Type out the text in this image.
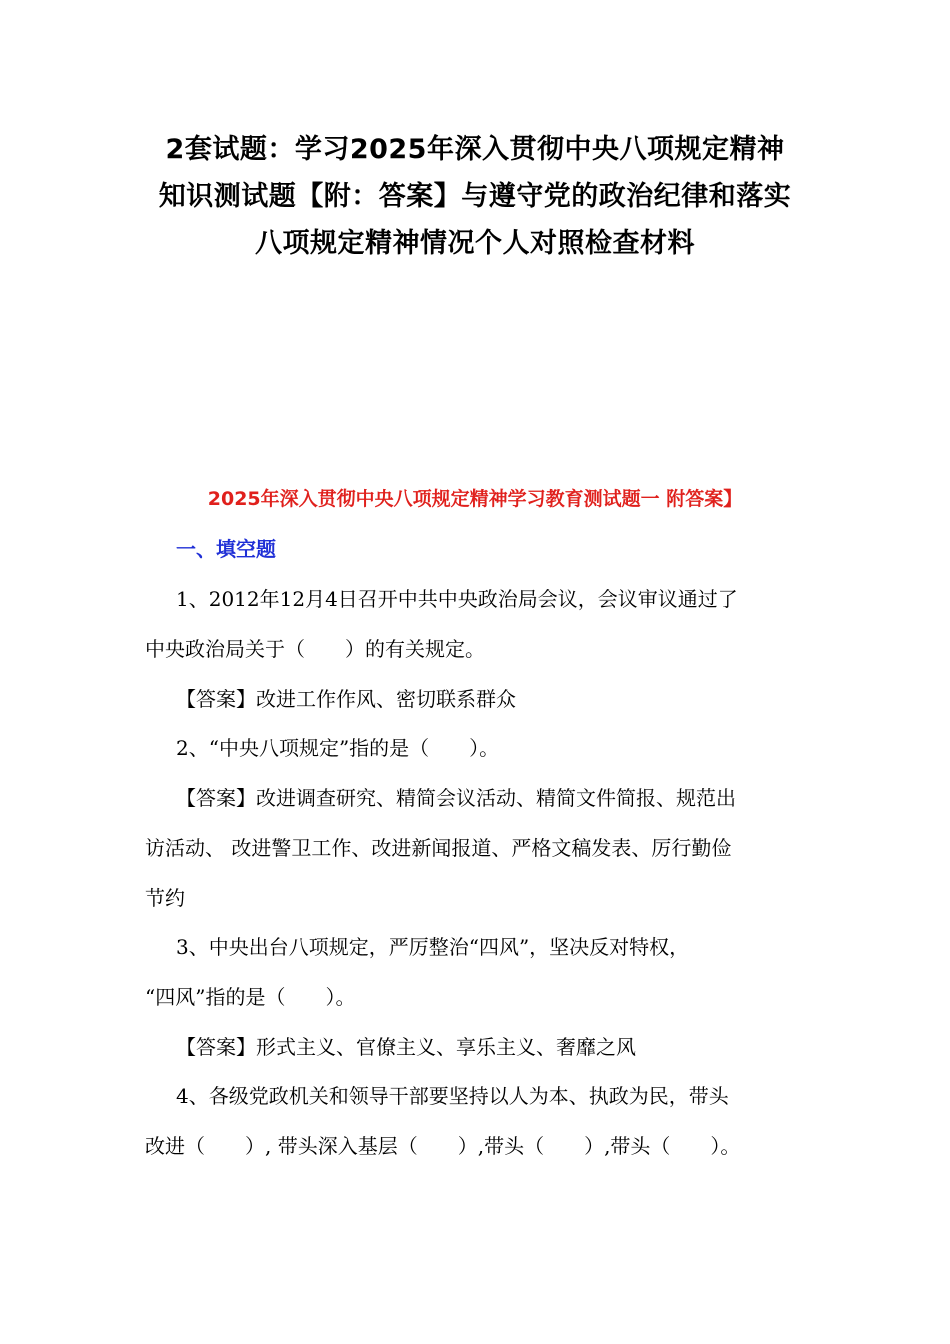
2套试题：学习2025年深入贯彻中央八项规定精神
知识测试题【附：答案】与遵守党的政治纪律和落实
八项规定精神情况个人对照检查材料
2025年深入贯彻中央八项规定精神学习教育测试题一 附答案】
一、填空题
1、2012年12月4日召开中共中央政治局会议，会议审议通过了
中央政治局关于（　　）的有关规定。
【答案】改进工作作风、密切联系群众
2、“中央八项规定”指的是（　　）。
【答案】改进调查研究、精简会议活动、精简文件简报、规范出
访活动、 改进警卫工作、改进新闻报道、严格文稿发表、厉行勤俭
节约
3、中央出台八项规定，严厉整治“四风”，坚决反对特权，
“四风”指的是（　　）。
【答案】形式主义、官僚主义、享乐主义、奢靡之风
4、各级党政机关和领导干部要坚持以人为本、执政为民，带头
改进（　　）, 带头深入基层（　　）,带头（　　）,带头（　　）。
